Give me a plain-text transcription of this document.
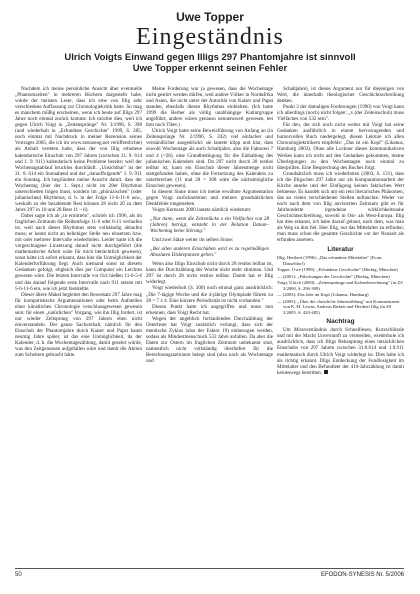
Uwe Topper
Eingeständnis
Ulrich Voigts Einwand gegen Illigs 297 Phantomjahre ist sinnvoll
Uwe Topper erkennt seinen Fehler

Nachdem ich meine persönliche Ansicht über eventuelle „Phantomzeiten" in mehreren Büchern dargestellt habe, würde der meisten Leser, dass ich eine von Illig sehr verschiedene Auffassung zur Chronologiekritik hatte. So mag es manchem müßig erscheinen, wenn ich heute auf Illigs 297 Jahre noch einmal zurück komme. Ich möchte dies, weil ich gegen Ulrich Voigt in „Zeitensprünge" Nr. 3/1996, S. 398 (und wiederholt in „Erfundene Geschichte" 1999, S. 285, noch einmal mit Nachdruck in meiner Rezension seines Vortrages 2005, die ich im www.zeonzeug.net veröffentlichte) als Anhalt verteten habe, dass der von Illig erhobene kalendarische Einschub von 297 Jahren (zwischen 31. 8. 614 und 1. 9. 911) kalendarisch keine Probleme bereite; weil der Wochentagsablauf bruchlos durchläuft. „Unsichtbar" ist der 31. 8. 614 ein Sonnabend und der „darauffolgende" 1. 9. 911 ein Sonntag. Ich begründete meine Ansicht damit, dass der Wochentag (hier der 1. Sept.) nicht im 28er Rhythmus unterschieden folgen muss, sondern im „phönizischen" (oder julianischen) Rhythmus, d. h. in der Folge 11-6-11-6 usw., weshalb zu der bezahlende Rest können 28 nicht 20 zu dem Jahre 297 in 10 und 28 Rest 11 – 6).

Dabei sagte ich ab „to ermitteln", schrieb ich 1996, als im fraglichen Zeitraum die Reihenfolge 11-6 oder 6-11 verlaufen ist, weil nach dieser Rhythmus stets vollständig ablaufen muss; er kennt nicht an beliebiger Stelle neu einsetzen bzw. mit oder mehrere Intervalle wiederholen. Leider hatte ich die vorgeschlagene Linsetzung darauf nicht durchgeführt (die mathematische Arbeit wäre für mich beträchtlich gewesen), sonst hätte ich sofort erkannt, dass hier die Unmöglichkeit der Kalenderforführung liegt. Auch niemand sonst ist diesem Gedanken gefolgt, obgleich dies per Computer ein Leichtes gewesen wäre. Die letzten Intervalle vor 614 hießen 11-6-5-6 und das darauf folgende erste Intervalle nach 911 setzen mit 5-6-11-6 ein, wie ich jetzt feststellte.

Dieser ältere Makel begleitet den Beweisatz 297 Jahre mag für komputistische Argumentationen oder beim Aufstellen einer künstlichen Chronologie verschlussgewesen gewesen sein: für einen „natürlichen" Vorgang, wie ihn Illig fordert, ist nur wieder Zeitsprung von 297 Jahren eben nicht einverstandeln. Der ganze Sachverhalt, nämlich für den Einschub der Phantomjahre durch Kaiser und Papst kaum neuntig Jahre später, ist das eine Unmöglichkeit, da der Kalender, d. h. die Wochentagezählung, damit gesehrt würde, was den Zeitgenossen aufgefallen wäre und damit die Aktion zum Scheitern gebracht hätte.

Meine Forderung war ja gewesen, dass die Wochentage nicht gestört werden dürfen, weil andere Völker in Nordafrika und Asien, die nicht unter der Autorität von Kaiser und Papst standen, ebenfalls diesen Rhythmus einhielten. (Ich hatte 1999 die Berber als völlig unabhängige Kulturgruppe angeführt, andere wären genauso nennenswert gewesen, bei ihm noch Tibet.)

Ulrich Voigt hatte seine Beweisführung von Anfang an (in Zeitensprünge Nr. 2/1996, S. 242) viel einfacher und verständlicher ausgedrückt: sie lautete klipp und klar, dass sowohl Wochentage als auch Schaltjahre, also die Faktoren 7 und 4 (=28), eine Grundbedingung für die Einhaltung des julianischen Kalenders sind. Da 297 nicht durch 28 restlos teilbar ist, kann ein Einschub dieser Jahresmenge nicht stattgefunden haben, ohne die Fortsetzung des Kalenders zu unterbrechen (11 mal 28 = 308 wäre die nächstmögliche Einschub gewesen).

In diesem Sinne muss ich meine erwähnte Argumentation gegen Voigt zurücknehmen und meinen grundsätzlichen Denkfehler eingestehen.

Voigts Kernsatz 2000 lautete nämlich wiederum:

„Nur dann, wenn die Zeitenlücke x ein Vielfaches von 28 (Jahren) beträgt, entsteht in der Relation Datum–Wochentag keine Störung."

Und zwei Sätze weiter im selben Sinne:

„Bei allen anderen Einschüben wird es zu regelmäßigen Absoluten Diskrepanzen gehen."

Wenn also Illigs Einschub nicht durch 28 restlos teilbar ist, kann die Durchzählung der Woche nicht mehr stimmen. Und 297 ist durch 28 nicht restlos teilbar. Damit hat er Illig widerlegt.

Voigt wiederholt (S. 300) noch einmal ganz ausdrücklich: „Die 7-tägige Woche und die 4-jährige Olympiade führen zu 28 = 7 x 4. Eine kürzere Periodizität ist nicht vorhanden."

Diesen Punkt hatte ich angegriffen und muss nun erkennen, dass Voigt Recht hat.

Wegen der angeblich fortlaufenden Durchzählung der Osterfeste hat Voigt zusätzlich verlangt, dass sich der mentische Zyklus (also der Faktor 19) einbezogen werden, sodass als Mindestmenschuch 532 Jahre anfallen. Da aber die Daten zur Ostern im fraglichen Zeitraum unbekannt sind, namentlich nicht vollständig überliefert für die Berechnungszeitraum belegt sind (also nach als Wochentage und

Schaltjahre), ist dieses Argument nur für diejenigen von Wert, die innerhalb theologischer Geschichtsschreibung denken.

Punkt 3 der damaligen Forderungen (1990) von Voigt kann ich allerdings (noch) nicht folgen: „x (der Zeiteinschub) muss Vielfaches von 532 sein".

Für den, der sich noch nicht weiter mit Voigt hat seine Gedanken ausführlich in einem hervorragenden und humorvollen Buch niedergelegt, diesen Lektüre ich allen Chronologiekritikern empfehle: „Das ist ein Kopf" (Likanus, Hamburg 2003). Ohne alle Lockner dieses kommunikativen Werkes kann ich nicht auf den Gedanken gekommen, meine Überlegungen zu den Wochentagen noch einmal zu überprüfen. Eine Besprechung des Buches folgt.

Grundsätzlich muss ich wiederholen (2003, S. 131), dass ich die Illigschen 297 Jahre nur als Komputationsarbeit der Kirche ansehe und der Einfügung keinen faktischen Wert beimesse. Es handelt sich um ein rein literarisches Phänomen, das an vielen verschiedenen Stellen auftauchte. Weder vor noch nach dem von Illig anvisierten Zeitraum gibt es für Jahrhunderte irgendeine wirklichkeitsnahe Geschichtsschreibung, sowohl in Ost- als West-Europa. Illig hat dies erkannt, ich habe darauf gebaut, nach dem, was man als Weg zu ihm fiel. Hier Illig, nur das Mittelalter zu erfinden; man muss schon die gesamte Geschichte vor der Neuzeit als erfunden ansehen.

Literatur

Illig, Heribert (1996): „Das erfundene Mittelalter" (Econ, Düsseldorf)

Topper, Uwe (1999): „Erfundene Geschichte" (Herbig, München)

— (2001): „Fälschungen der Geschichte" (Herbig, München)

Voigt, Ulrich (2000): „Zeitensprünge und Kalenderrechnung" (in ZS 2/2000, S. 296-309)

— (2003): Das Jahr im Kopf (Likanus, Hamburg)

— (2005): „Über die christliche Jahreszählung" mit Kommentaren von K.-H. Lewin, Andreas Birken und Heribert Illig (in ZS 2/2005, S. 420-485)

Nachtrag

Um Missverständnis durch Schnelllesen, Kurzschlüssle und mit der Macht Unvernunft zu vermeiden, wiederhole ich ausdrücklich, dass ich Illigs Behauptung eines tatsächlichen Einschubs von 297 Jahren zwischen 31.8.614 und 1.9.911 mathematisch durch Ulrich Voigt widerlegt ist. Dies habe ich als richtig erkannt. Illigs Entdeckung der Fundlosigkeit im Mittelalter und den Befundleer der 410-Jahrzählung ist damit keineswegs bestritten.

50	EFODON-SYNESIS Nr. 5/2006
